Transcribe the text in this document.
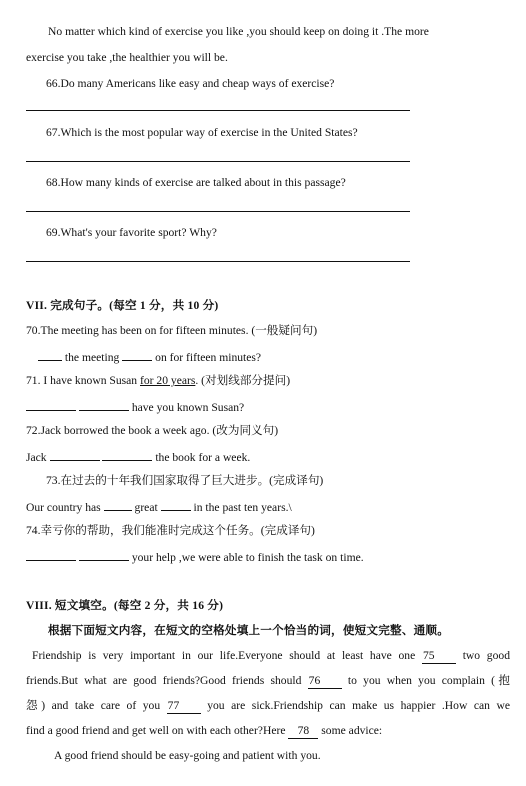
No matter which kind of exercise you like ,you should keep on doing it .The more
exercise you take ,the healthier you will be.
66.Do many Americans like easy and cheap ways of exercise?
67.Which is the most popular way of exercise in the United States?
68.How many kinds of exercise are talked about in this passage?
69.What's your favorite sport? Why?
VII. 完成句子。(每空 1 分，共 10 分)
70.The meeting has been on for fifteen minutes. (一般疑问句)
the meeting	on for fifteen minutes?
71. I have known Susan for 20 years. (对划线部分提问)
have you known Susan?
72.Jack borrowed the book a week ago. (改为同义句)
Jack	the book for a week.
73.在过去的十年我们国家取得了巨大进步。(完成译句)
Our country has	great	in the past ten years.\
74.幸亏你的帮助，我们能准时完成这个任务。(完成译句)
your help ,we were able to finish the task on time.
VIII. 短文填空。(每空 2 分，共 16 分)
根据下面短文内容，在短文的空格处填上一个恰当的词，使短文完整、通顺。
Friendship is very important in our life.Everyone should at least have one 75 two good
friends.But what are good friends?Good friends should 76 to you when you complain (抱
怨) and take care of you 77 you are sick.Friendship can make us happier .How can we
find a good friend and get well on with each other?Here 78 some advice:
A good friend should be easy-going and patient with you.
